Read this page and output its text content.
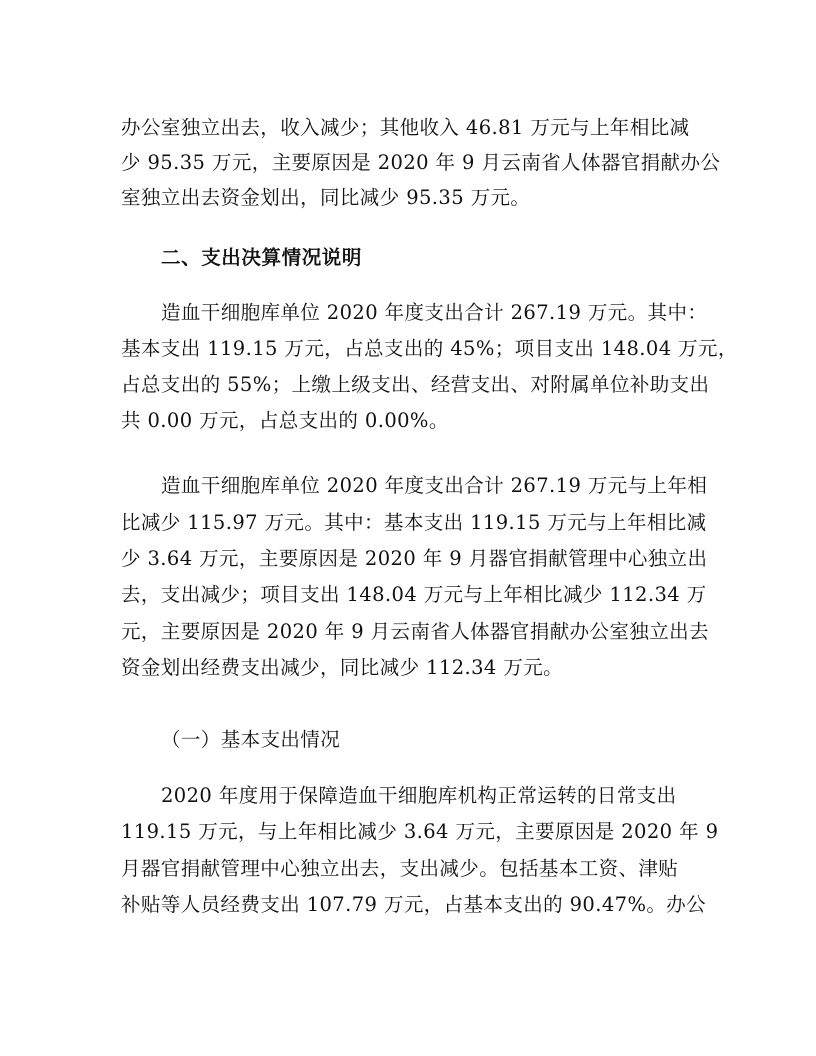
办公室独立出去，收入减少；其他收入 46.81 万元与上年相比减
少 95.35 万元，主要原因是 2020 年 9 月云南省人体器官捐献办公
室独立出去资金划出，同比减少 95.35 万元。
二、支出决算情况说明
造血干细胞库单位 2020 年度支出合计 267.19 万元。其中：
基本支出 119.15 万元，占总支出的 45%；项目支出 148.04 万元，
占总支出的 55%；上缴上级支出、经营支出、对附属单位补助支出
共 0.00 万元，占总支出的 0.00%。
造血干细胞库单位 2020 年度支出合计 267.19 万元与上年相
比减少 115.97 万元。其中：基本支出 119.15 万元与上年相比减
少 3.64 万元，主要原因是 2020 年 9 月器官捐献管理中心独立出
去，支出减少；项目支出 148.04 万元与上年相比减少 112.34 万
元，主要原因是 2020 年 9 月云南省人体器官捐献办公室独立出去
资金划出经费支出减少，同比减少 112.34 万元。
（一）基本支出情况
2020 年度用于保障造血干细胞库机构正常运转的日常支出
119.15 万元，与上年相比减少 3.64 万元，主要原因是 2020 年 9
月器官捐献管理中心独立出去，支出减少。包括基本工资、津贴
补贴等人员经费支出 107.79 万元，占基本支出的 90.47%。办公
